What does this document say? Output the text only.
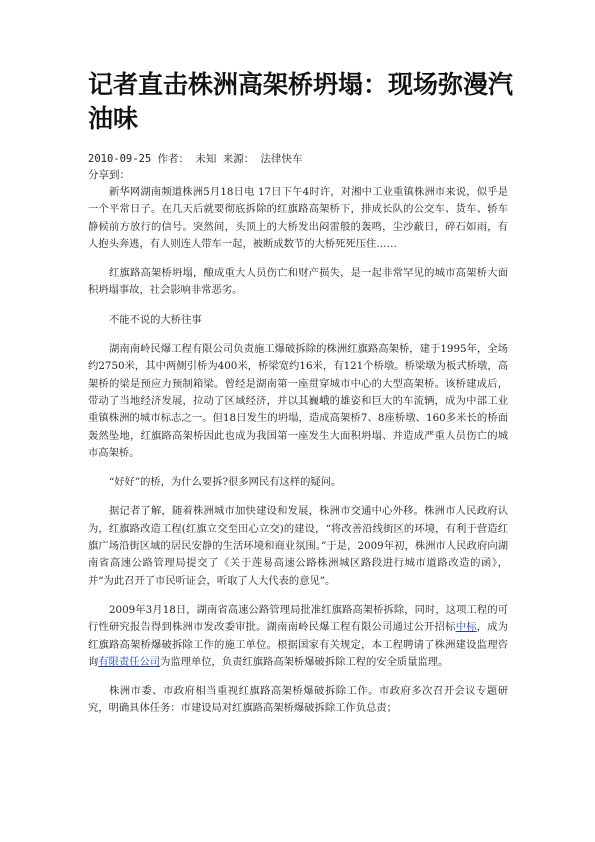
记者直击株洲高架桥坍塌：现场弥漫汽油味
2010-09-25 作者： 未知 来源： 法律快车
分享到：

新华网湖南频道株洲5月18日电 17日下午4时许，对湘中工业重镇株洲市来说，似乎是一个平常日子。在几天后就要彻底拆除的红旗路高架桥下，排成长队的公交车、货车、轿车静候前方放行的信号。突然间，头顶上的大桥发出闷雷般的轰鸣，尘沙蔽日，碎石如雨，有人抱头奔逃，有人则连人带车一起，被断成数节的大桥死死压住……

红旗路高架桥坍塌，酿成重大人员伤亡和财产损失，是一起非常罕见的城市高架桥大面积坍塌事故，社会影响非常恶劣。

不能不说的大桥往事

湖南南岭民爆工程有限公司负责施工爆破拆除的株洲红旗路高架桥，建于1995年，全场约2750米，其中两侧引桥为400米，桥梁宽约16米，有121个桥墩。桥梁墩为板式桥墩，高架桥的梁是预应力预制箱梁。曾经是湖南第一座贯穿城市中心的大型高架桥。该桥建成后，带动了当地经济发展，拉动了区域经济，并以其巍峨的雄姿和巨大的车流辆，成为中部工业重镇株洲的城市标志之一。但18日发生的坍塌，造成高架桥7、8座桥墩、160多米长的桥面轰然坠地，红旗路高架桥因此也成为我国第一座发生大面积坍塌、并造成严重人员伤亡的城市高架桥。

“好好”的桥，为什么要拆?很多网民有这样的疑问。

据记者了解，随着株洲城市加快建设和发展，株洲市交通中心外移。株洲市人民政府认为，红旗路改造工程(红旗立交至田心立交)的建设，“将改善沿线街区的环境，有利于营造红旗广场沿街区域的居民安静的生活环境和商业氛围。”于是，2009年初，株洲市人民政府向湖南省高速公路管理局提交了《关于莲易高速公路株洲城区路段进行城市道路改造的函》，并“为此召开了市民听证会，听取了人大代表的意见”。

2009年3月18日，湖南省高速公路管理局批准红旗路高架桥拆除，同时，这项工程的可行性研究报告得到株洲市发改委审批。湖南南岭民爆工程有限公司通过公开招标中标，成为红旗路高架桥爆破拆除工作的施工单位。根据国家有关规定，本工程聘请了株洲建设监理咨询有限责任公司为监理单位，负责红旗路高架桥爆破拆除工程的安全质量监理。

株洲市委、市政府相当重视红旗路高架桥爆破拆除工作。市政府多次召开会议专题研究，明确具体任务：市建设局对红旗路高架桥爆破拆除工作负总责；
